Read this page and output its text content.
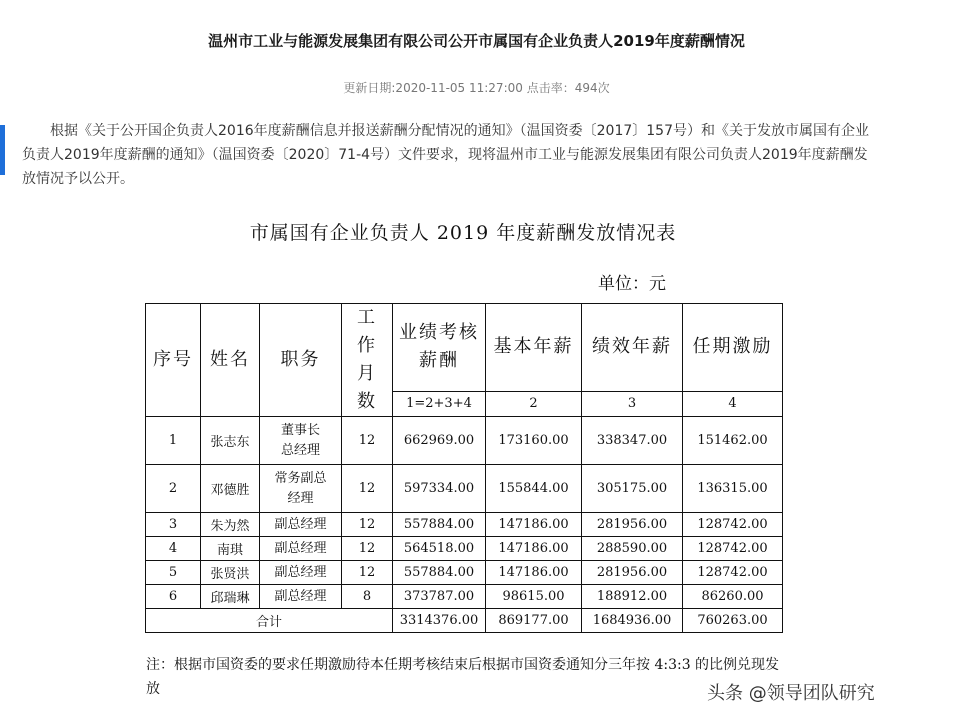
温州市工业与能源发展集团有限公司公开市属国有企业负责人2019年度薪酬情况
更新日期:2020-11-05 11:27:00 点击率：494次
根据《关于公开国企负责人2016年度薪酬信息并报送薪酬分配情况的通知》（温国资委〔2017〕157号）和《关于发放市属国有企业负责人2019年度薪酬的通知》（温国资委〔2020〕71-4号）文件要求，现将温州市工业与能源发展集团有限公司负责人2019年度薪酬发放情况予以公开。
市属国有企业负责人 2019 年度薪酬发放情况表
单位：元
序号	姓名	职务	工作月数	业绩考核薪酬	基本年薪	绩效年薪	任期激励
				1=2+3+4	2	3	4
1	张志东	董事长
总经理	12	662969.00	173160.00	338347.00	151462.00
2	邓德胜	常务副总
经理	12	597334.00	155844.00	305175.00	136315.00
3	朱为然	副总经理	12	557884.00	147186.00	281956.00	128742.00
4	南琪	副总经理	12	564518.00	147186.00	288590.00	128742.00
5	张贤洪	副总经理	12	557884.00	147186.00	281956.00	128742.00
6	邱瑞琳	副总经理	8	373787.00	98615.00	188912.00	86260.00
合计				3314376.00	869177.00	1684936.00	760263.00
注：根据市国资委的要求任期激励待本任期考核结束后根据市国资委通知分三年按 4:3:3 的比例兑现发放	头条 @领导团队研究
